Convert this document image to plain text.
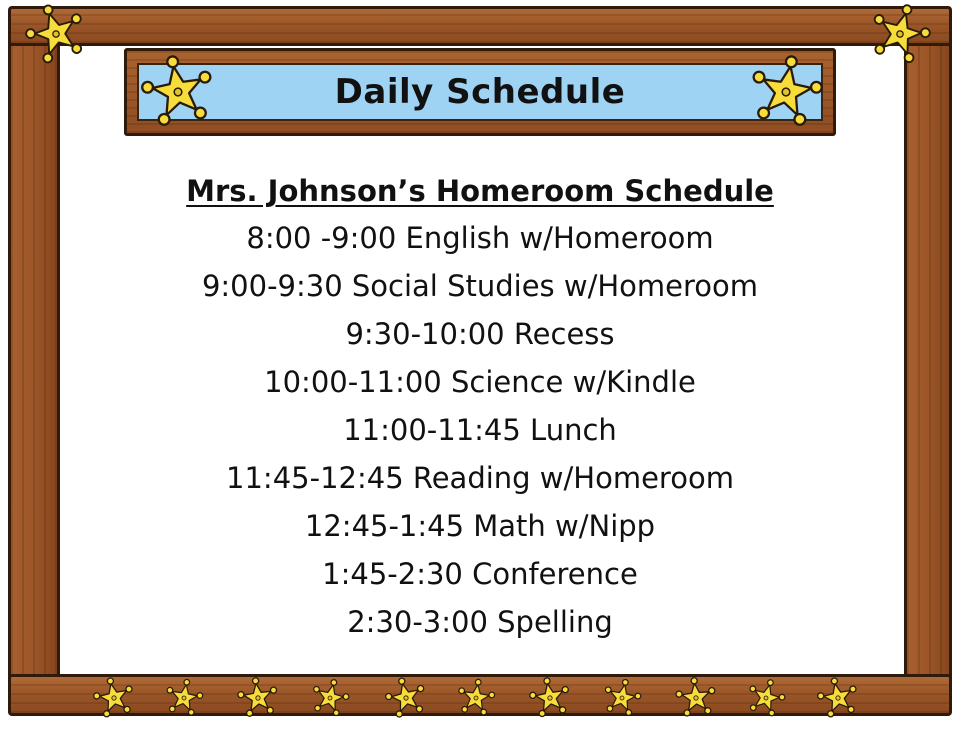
Daily Schedule
Mrs. Johnson’s Homeroom Schedule
8:00 -9:00 English w/Homeroom
9:00-9:30 Social Studies w/Homeroom
9:30-10:00 Recess
10:00-11:00 Science w/Kindle
11:00-11:45 Lunch
11:45-12:45 Reading w/Homeroom
12:45-1:45 Math w/Nipp
1:45-2:30 Conference
2:30-3:00 Spelling
